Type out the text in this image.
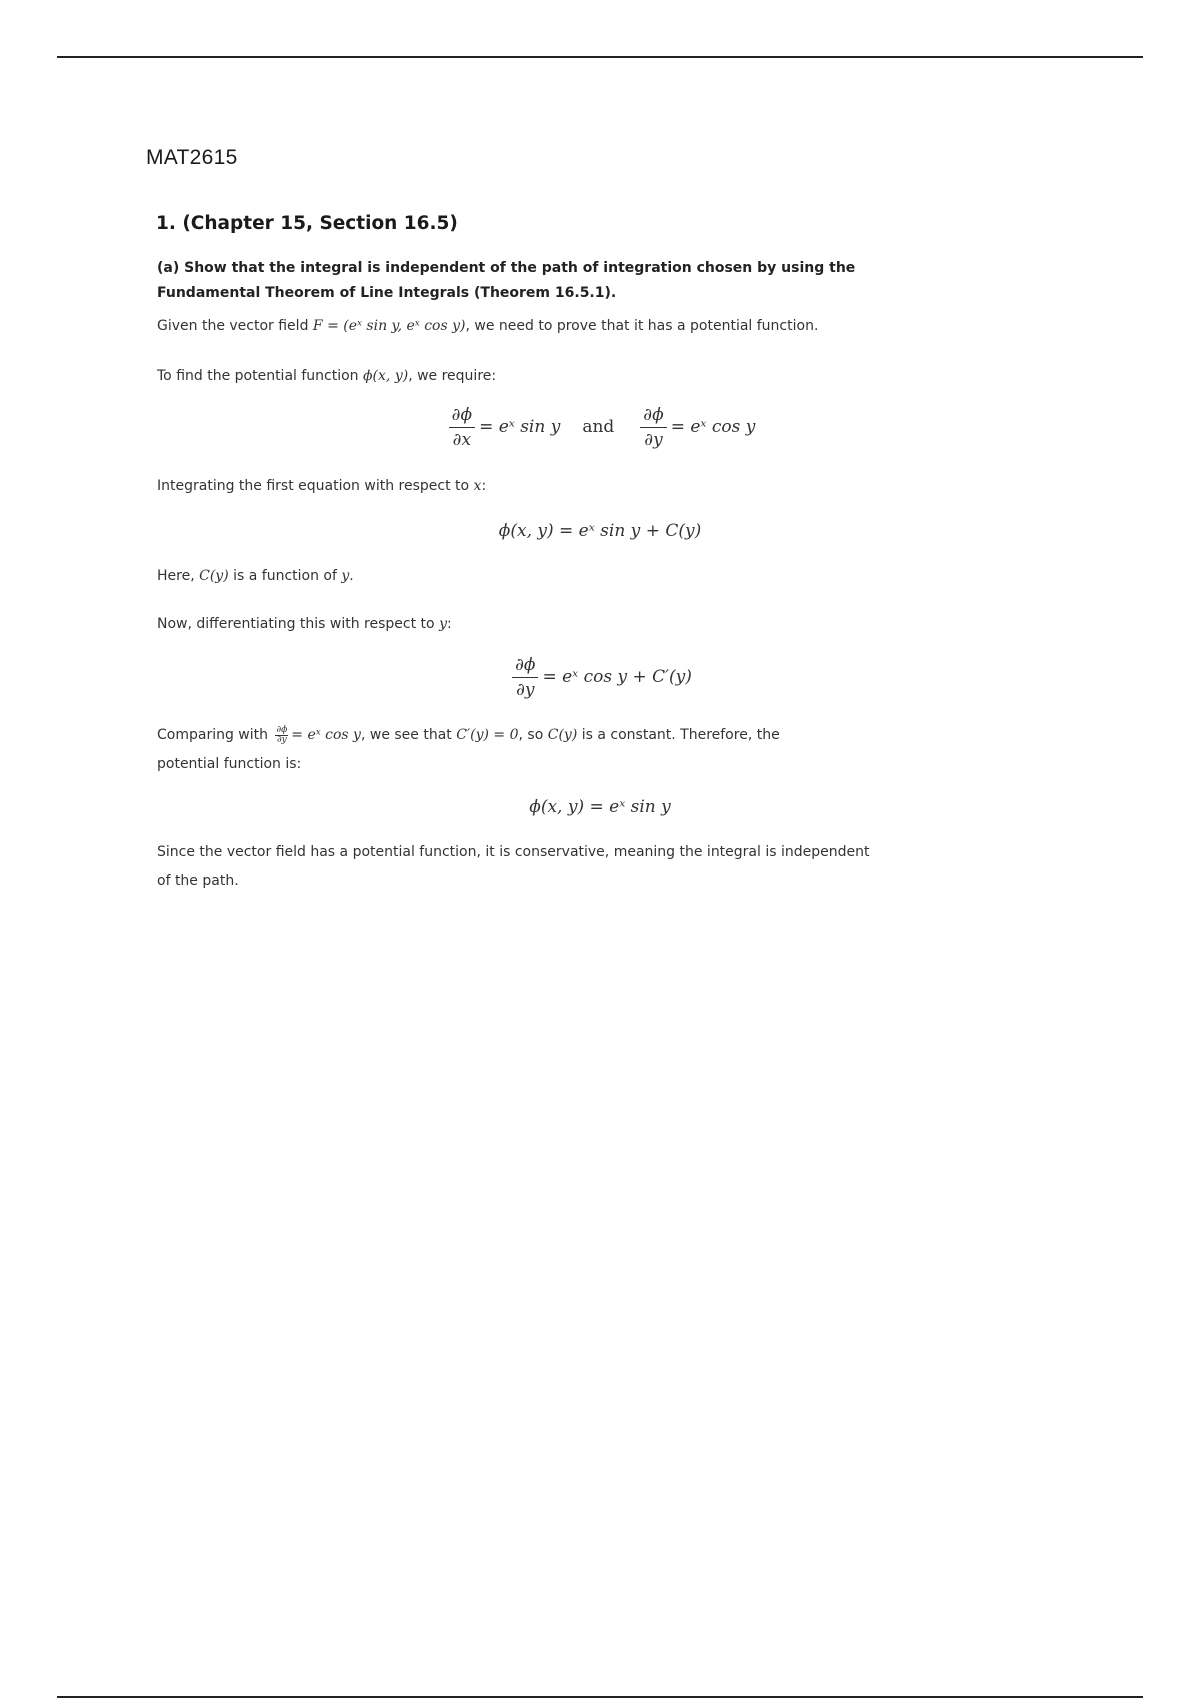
MAT2615
1. (Chapter 15, Section 16.5)
(a) Show that the integral is independent of the path of integration chosen by using the
Fundamental Theorem of Line Integrals (Theorem 16.5.1).
Given the vector field F = (eˣ sin y, eˣ cos y), we need to prove that it has a potential function.
To find the potential function ϕ(x, y), we require:
$\frac{\partial\phi}{\partial x}$ = eˣ sin y and $\frac{\partial\phi}{\partial y}$ = eˣ cos y
Integrating the first equation with respect to x:
ϕ(x, y) = eˣ sin y + C(y)
Here, C(y) is a function of y.
Now, differentiating this with respect to y:
$\frac{\partial\phi}{\partial y}$ = eˣ cos y + C′(y)
Comparing with $\frac{\partial\phi}{\partial y}$ = eˣ cos y, we see that C′(y) = 0, so C(y) is a constant. Therefore, the
potential function is:
ϕ(x, y) = eˣ sin y
Since the vector field has a potential function, it is conservative, meaning the integral is independent
of the path.
